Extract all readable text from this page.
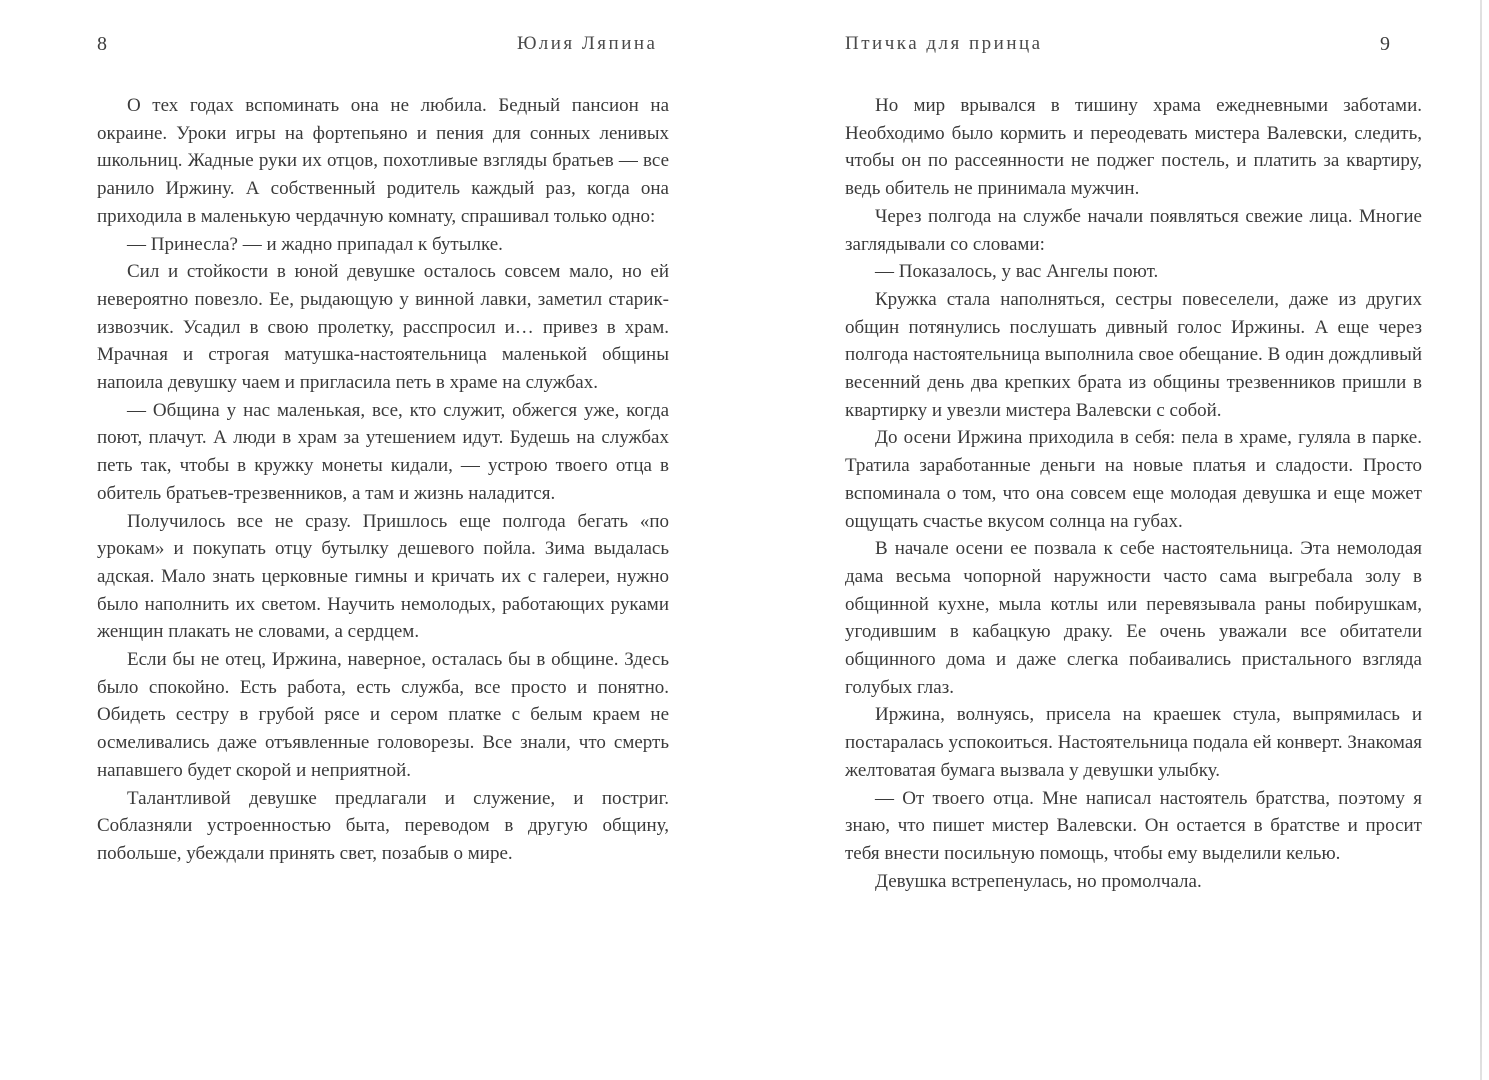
8	Юлия Ляпина

О тех годах вспоминать она не любила. Бедный пансион на окраине. Уроки игры на фортепьяно и пения для сонных ленивых школьниц. Жадные руки их отцов, похотливые взгляды братьев — все ранило Иржину. А собственный родитель каждый раз, когда она приходила в маленькую чердачную комнату, спрашивал только одно:

— Принесла? — и жадно припадал к бутылке.

Сил и стойкости в юной девушке осталось совсем мало, но ей невероятно повезло. Ее, рыдающую у винной лавки, заметил старик-извозчик. Усадил в свою пролетку, расспросил и… привез в храм. Мрачная и строгая матушка-настоятельница маленькой общины напоила девушку чаем и пригласила петь в храме на службах.

— Община у нас маленькая, все, кто служит, обжегся уже, когда поют, плачут. А люди в храм за утешением идут. Будешь на службах петь так, чтобы в кружку монеты кидали, — устрою твоего отца в обитель братьев-трезвенников, а там и жизнь наладится.

Получилось все не сразу. Пришлось еще полгода бегать «по урокам» и покупать отцу бутылку дешевого пойла. Зима выдалась адская. Мало знать церковные гимны и кричать их с галереи, нужно было наполнить их светом. Научить немолодых, работающих руками женщин плакать не словами, а сердцем.

Если бы не отец, Иржина, наверное, осталась бы в общине. Здесь было спокойно. Есть работа, есть служба, все просто и понятно. Обидеть сестру в грубой рясе и сером платке с белым краем не осмеливались даже отъявленные головорезы. Все знали, что смерть напавшего будет скорой и неприятной.

Талантливой девушке предлагали и служение, и постриг. Соблазняли устроенностью быта, переводом в другую общину, побольше, убеждали принять свет, позабыв о мире.

Птичка для принца	9

Но мир врывался в тишину храма ежедневными заботами. Необходимо было кормить и переодевать мистера Валевски, следить, чтобы он по рассеянности не поджег постель, и платить за квартиру, ведь обитель не принимала мужчин.

Через полгода на службе начали появляться свежие лица. Многие заглядывали со словами:

— Показалось, у вас Ангелы поют.

Кружка стала наполняться, сестры повеселели, даже из других общин потянулись послушать дивный голос Иржины. А еще через полгода настоятельница выполнила свое обещание. В один дождливый весенний день два крепких брата из общины трезвенников пришли в квартирку и увезли мистера Валевски с собой.

До осени Иржина приходила в себя: пела в храме, гуляла в парке. Тратила заработанные деньги на новые платья и сладости. Просто вспоминала о том, что она совсем еще молодая девушка и еще может ощущать счастье вкусом солнца на губах.

В начале осени ее позвала к себе настоятельница. Эта немолодая дама весьма чопорной наружности часто сама выгребала золу в общинной кухне, мыла котлы или перевязывала раны побирушкам, угодившим в кабацкую драку. Ее очень уважали все обитатели общинного дома и даже слегка побаивались пристального взгляда голубых глаз.

Иржина, волнуясь, присела на краешек стула, выпрямилась и постаралась успокоиться. Настоятельница подала ей конверт. Знакомая желтоватая бумага вызвала у девушки улыбку.

— От твоего отца. Мне написал настоятель братства, поэтому я знаю, что пишет мистер Валевски. Он остается в братстве и просит тебя внести посильную помощь, чтобы ему выделили келью.

Девушка встрепенулась, но промолчала.
